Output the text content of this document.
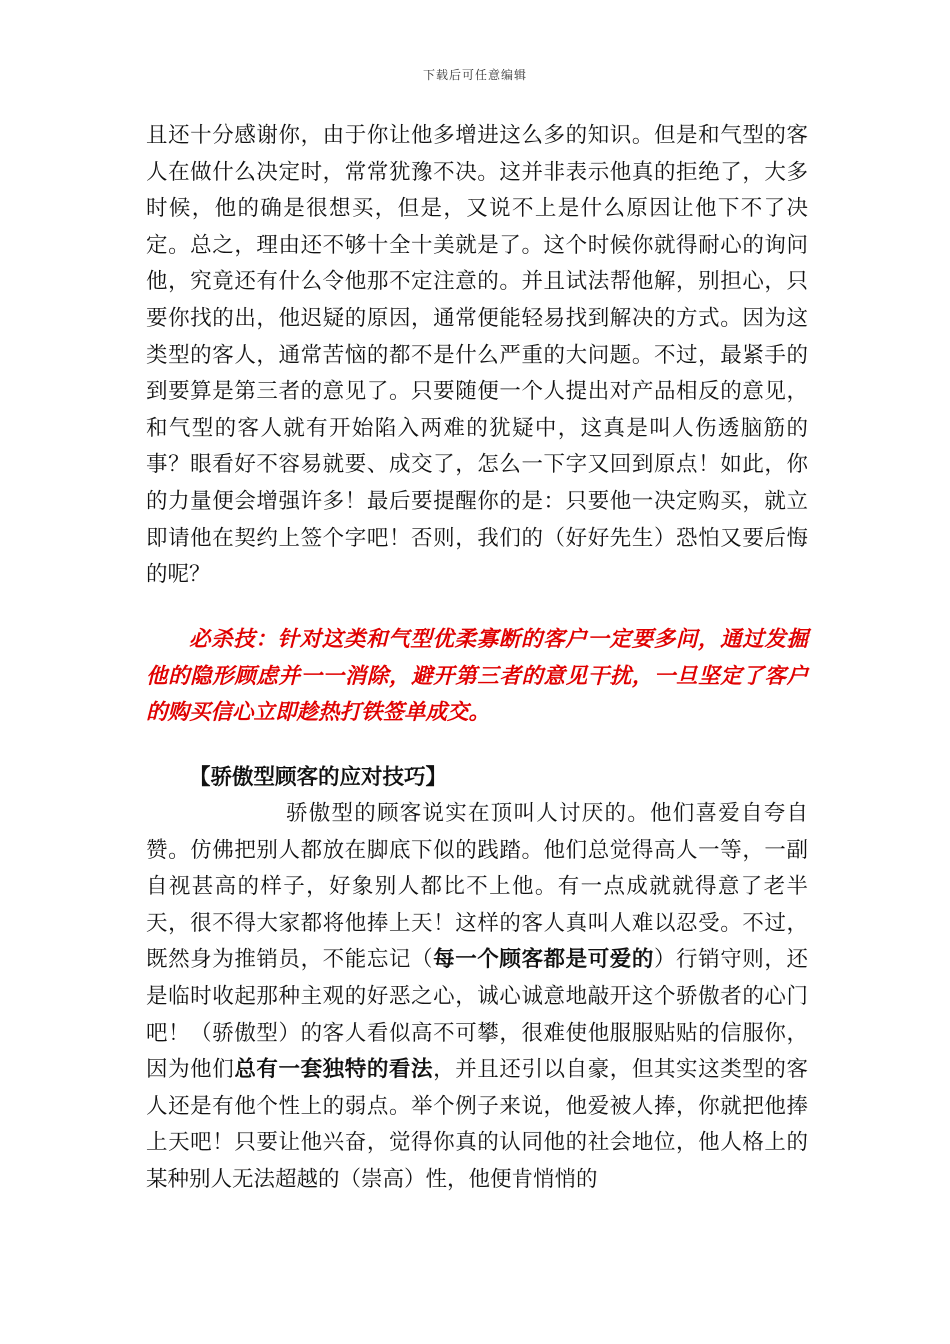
下载后可任意编辑

且还十分感谢你，由于你让他多增进这么多的知识。但是和气型的客人在做什么决定时，常常犹豫不决。这并非表示他真的拒绝了，大多时候，他的确是很想买，但是，又说不上是什么原因让他下不了决定。总之，理由还不够十全十美就是了。这个时候你就得耐心的询问他，究竟还有什么令他那不定注意的。并且试法帮他解，别担心，只要你找的出，他迟疑的原因，通常便能轻易找到解决的方式。因为这类型的客人，通常苦恼的都不是什么严重的大问题。不过，最紧手的到要算是第三者的意见了。只要随便一个人提出对产品相反的意见，和气型的客人就有开始陷入两难的犹疑中，这真是叫人伤透脑筋的事？眼看好不容易就要、成交了，怎么一下字又回到原点！如此，你的力量便会增强许多！最后要提醒你的是：只要他一决定购买，就立即请他在契约上签个字吧！否则，我们的（好好先生）恐怕又要后悔的呢？

必杀技：针对这类和气型优柔寡断的客户一定要多问，通过发掘他的隐形顾虑并一一消除，避开第三者的意见干扰，一旦坚定了客户的购买信心立即趁热打铁签单成交。

【骄傲型顾客的应对技巧】

骄傲型的顾客说实在顶叫人讨厌的。他们喜爱自夸自赞。仿佛把别人都放在脚底下似的践踏。他们总觉得高人一等，一副自视甚高的样子，好象别人都比不上他。有一点成就就得意了老半天，很不得大家都将他捧上天！这样的客人真叫人难以忍受。不过，既然身为推销员，不能忘记（每一个顾客都是可爱的）行销守则，还是临时收起那种主观的好恶之心，诚心诚意地敲开这个骄傲者的心门吧！（骄傲型）的客人看似高不可攀，很难使他服服贴贴的信服你，因为他们总有一套独特的看法，并且还引以自豪，但其实这类型的客人还是有他个性上的弱点。举个例子来说，他爱被人捧，你就把他捧上天吧！只要让他兴奋，觉得你真的认同他的社会地位，他人格上的某种别人无法超越的（崇高）性，他便肯悄悄的
